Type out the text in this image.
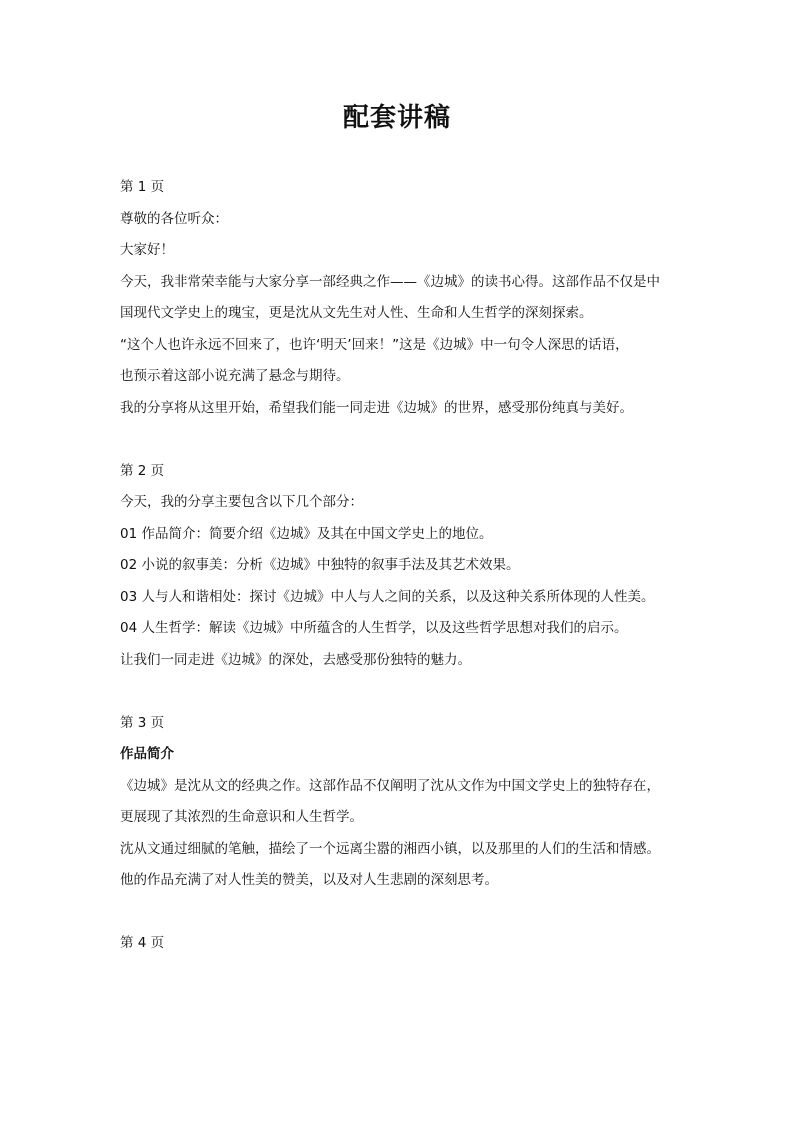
配套讲稿
第 1 页
尊敬的各位听众：
大家好！
今天，我非常荣幸能与大家分享一部经典之作——《边城》的读书心得。这部作品不仅是中
国现代文学史上的瑰宝，更是沈从文先生对人性、生命和人生哲学的深刻探索。
“这个人也许永远不回来了，也许‘明天’回来！”这是《边城》中一句令人深思的话语，
也预示着这部小说充满了悬念与期待。
我的分享将从这里开始，希望我们能一同走进《边城》的世界，感受那份纯真与美好。
第 2 页
今天，我的分享主要包含以下几个部分：
01 作品简介：简要介绍《边城》及其在中国文学史上的地位。
02 小说的叙事美：分析《边城》中独特的叙事手法及其艺术效果。
03 人与人和谐相处：探讨《边城》中人与人之间的关系，以及这种关系所体现的人性美。
04 人生哲学：解读《边城》中所蕴含的人生哲学，以及这些哲学思想对我们的启示。
让我们一同走进《边城》的深处，去感受那份独特的魅力。
第 3 页
作品简介
《边城》是沈从文的经典之作。这部作品不仅阐明了沈从文作为中国文学史上的独特存在，
更展现了其浓烈的生命意识和人生哲学。
沈从文通过细腻的笔触，描绘了一个远离尘嚣的湘西小镇，以及那里的人们的生活和情感。
他的作品充满了对人性美的赞美，以及对人生悲剧的深刻思考。
第 4 页
